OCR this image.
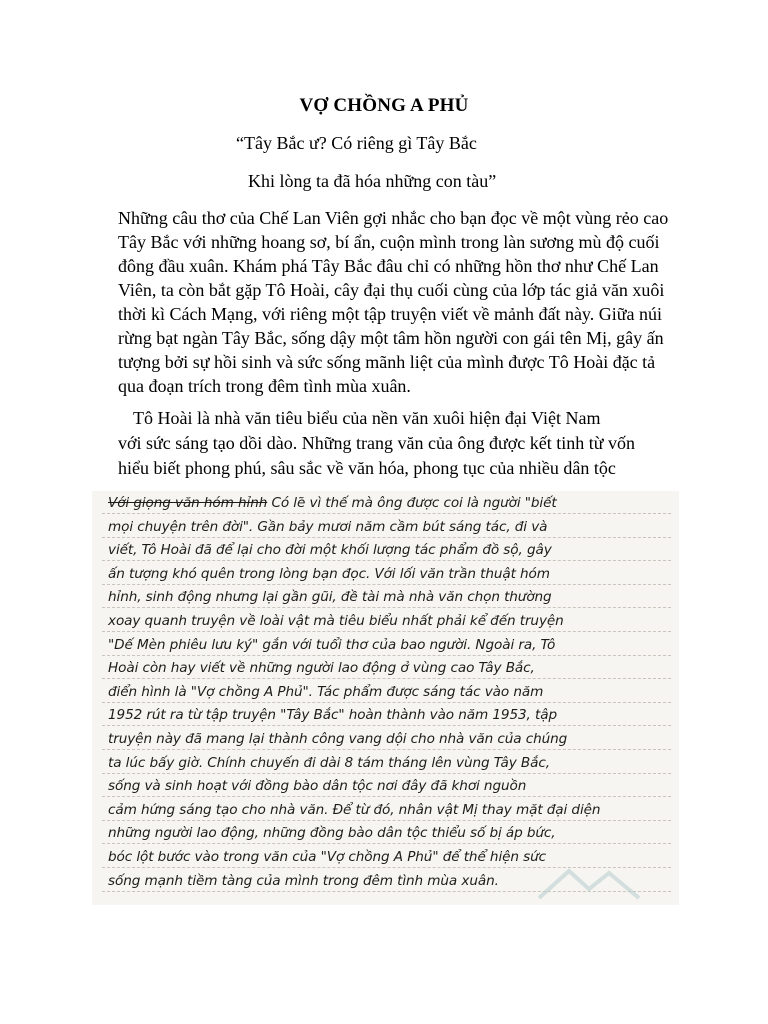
VỢ CHỒNG A PHỦ
“Tây Bắc ư? Có riêng gì Tây Bắc
Khi lòng ta đã hóa những con tàu”
Những câu thơ của Chế Lan Viên gợi nhắc cho bạn đọc về một vùng rẻo cao
Tây Bắc với những hoang sơ, bí ẩn, cuộn mình trong làn sương mù độ cuối
đông đầu xuân. Khám phá Tây Bắc đâu chỉ có những hồn thơ như Chế Lan
Viên, ta còn bắt gặp Tô Hoài, cây đại thụ cuối cùng của lớp tác giả văn xuôi
thời kì Cách Mạng, với riêng một tập truyện viết về mảnh đất này. Giữa núi
rừng bạt ngàn Tây Bắc, sống dậy một tâm hồn người con gái tên Mị, gây ấn
tượng bởi sự hồi sinh và sức sống mãnh liệt của mình được Tô Hoài đặc tả
qua đoạn trích trong đêm tình mùa xuân.
Tô Hoài là nhà văn tiêu biểu của nền văn xuôi hiện đại Việt Nam
với sức sáng tạo dồi dào. Những trang văn của ông được kết tinh từ vốn
hiểu biết phong phú, sâu sắc về văn hóa, phong tục của nhiều dân tộc
Với giọng văn hóm hỉnh Có lẽ vì thế mà ông được coi là người "biết
mọi chuyện trên đời". Gần bảy mươi năm cầm bút sáng tác, đi và
viết, Tô Hoài đã để lại cho đời một khối lượng tác phẩm đồ sộ, gây
ấn tượng khó quên trong lòng bạn đọc. Với lối văn trần thuật hóm
hỉnh, sinh động nhưng lại gần gũi, đề tài mà nhà văn chọn thường
xoay quanh truyện về loài vật mà tiêu biểu nhất phải kể đến truyện
"Dế Mèn phiêu lưu ký" gắn với tuổi thơ của bao người. Ngoài ra, Tô
Hoài còn hay viết về những người lao động ở vùng cao Tây Bắc,
điển hình là "Vợ chồng A Phủ". Tác phẩm được sáng tác vào năm
1952 rút ra từ tập truyện "Tây Bắc" hoàn thành vào năm 1953, tập
truyện này đã mang lại thành công vang dội cho nhà văn của chúng
ta lúc bấy giờ. Chính chuyến đi dài 8 tám tháng lên vùng Tây Bắc,
sống và sinh hoạt với đồng bào dân tộc nơi đây đã khơi nguồn
cảm hứng sáng tạo cho nhà văn. Để từ đó, nhân vật Mị thay mặt đại diện
những người lao động, những đồng bào dân tộc thiểu số bị áp bức,
bóc lột bước vào trong văn của "Vợ chồng A Phủ" để thể hiện sức
sống mạnh tiềm tàng của mình trong đêm tình mùa xuân.
